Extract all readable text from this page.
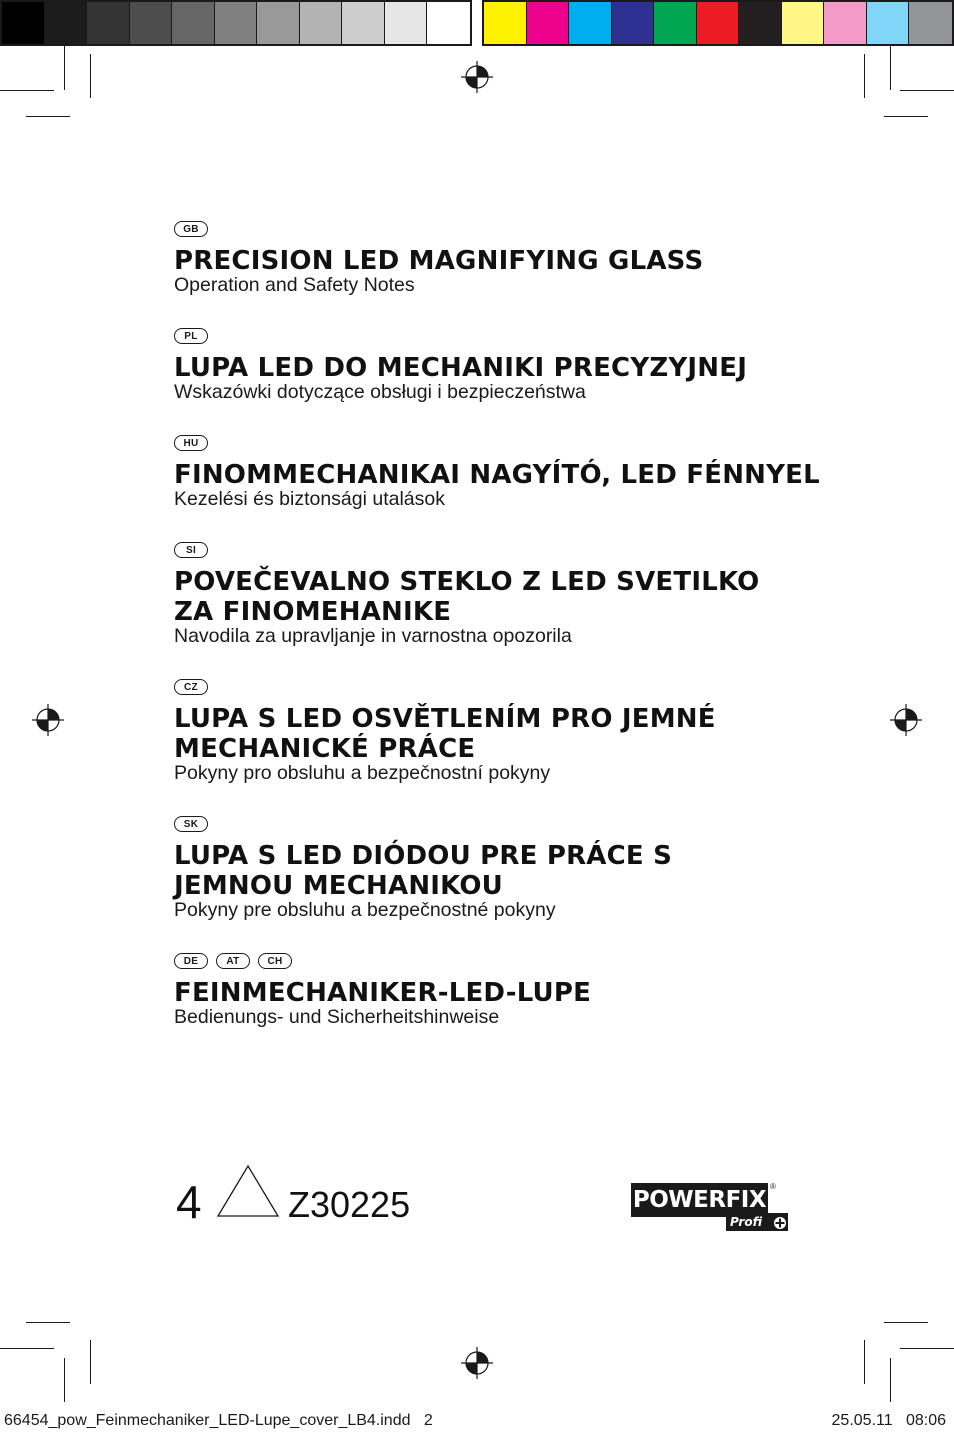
GB
PRECISION LED MAGNIFYING GLASS
Operation and Safety Notes
PL
LUPA LED DO MECHANIKI PRECYZYJNEJ
Wskazówki dotyczące obsługi i bezpieczeństwa
HU
FINOMMECHANIKAI NAGYÍTÓ, LED FÉNNYEL
Kezelési és biztonsági utalások
SI
POVEČEVALNO STEKLO Z LED SVETILKO
ZA FINOMEHANIKE
Navodila za upravljanje in varnostna opozorila
CZ
LUPA S LED OSVĚTLENÍM PRO JEMNÉ
MECHANICKÉ PRÁCE
Pokyny pro obsluhu a bezpečnostní pokyny
SK
LUPA S LED DIÓDOU PRE PRÁCE S
JEMNOU MECHANIKOU
Pokyny pre obsluhu a bezpečnostné pokyny
DE	AT	CH
FEINMECHANIKER-LED-LUPE
Bedienungs- und Sicherheitshinweise
4 Z30225	POWERFIX
®
Profi
66454_pow_Feinmechaniker_LED-Lupe_cover_LB4.indd   2	25.05.11   08:06
